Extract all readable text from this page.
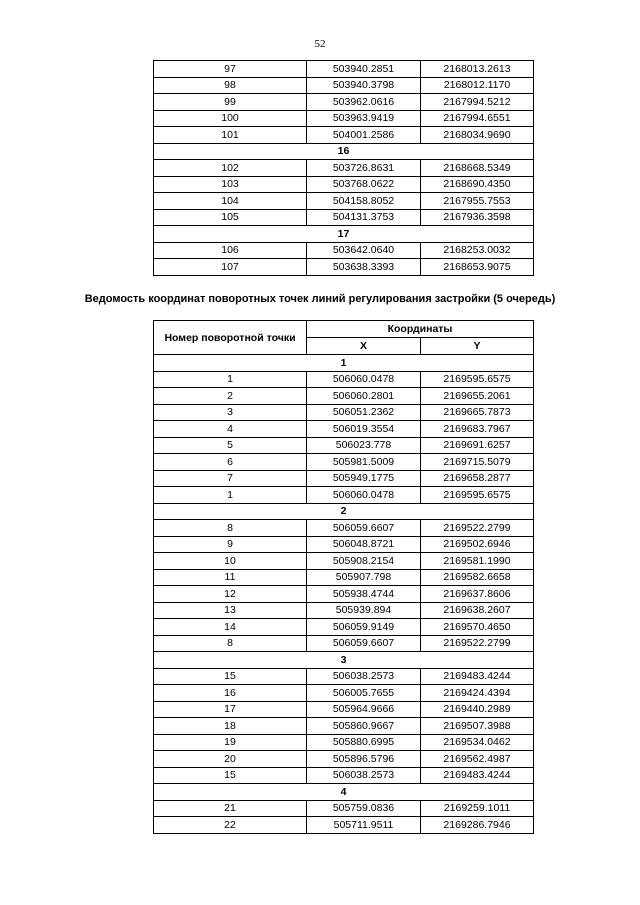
52
97	503940.2851	2168013.2613
98	503940.3798	2168012.1170
99	503962.0616	2167994.5212
100	503963.9419	2167994.6551
101	504001.2586	2168034.9690
16		
102	503726.8631	2168668.5349
103	503768.0622	2168690.4350
104	504158.8052	2167955.7553
105	504131.3753	2167936.3598
17		
106	503642.0640	2168253.0032
107	503638.3393	2168653.9075
Ведомость координат поворотных точек линий регулирования застройки (5 очередь)
Номер поворотной точки	Координаты	
	X	Y
1		
1	506060.0478	2169595.6575
2	506060.2801	2169655.2061
3	506051.2362	2169665.7873
4	506019.3554	2169683.7967
5	506023.778	2169691.6257
6	505981.5009	2169715.5079
7	505949.1775	2169658.2877
1	506060.0478	2169595.6575
2		
8	506059.6607	2169522.2799
9	506048.8721	2169502.6946
10	505908.2154	2169581.1990
11	505907.798	2169582.6658
12	505938.4744	2169637.8606
13	505939.894	2169638.2607
14	506059.9149	2169570.4650
8	506059.6607	2169522.2799
3		
15	506038.2573	2169483.4244
16	506005.7655	2169424.4394
17	505964.9666	2169440.2989
18	505860.9667	2169507.3988
19	505880.6995	2169534.0462
20	505896.5796	2169562.4987
15	506038.2573	2169483.4244
4		
21	505759.0836	2169259.1011
22	505711.9511	2169286.7946
